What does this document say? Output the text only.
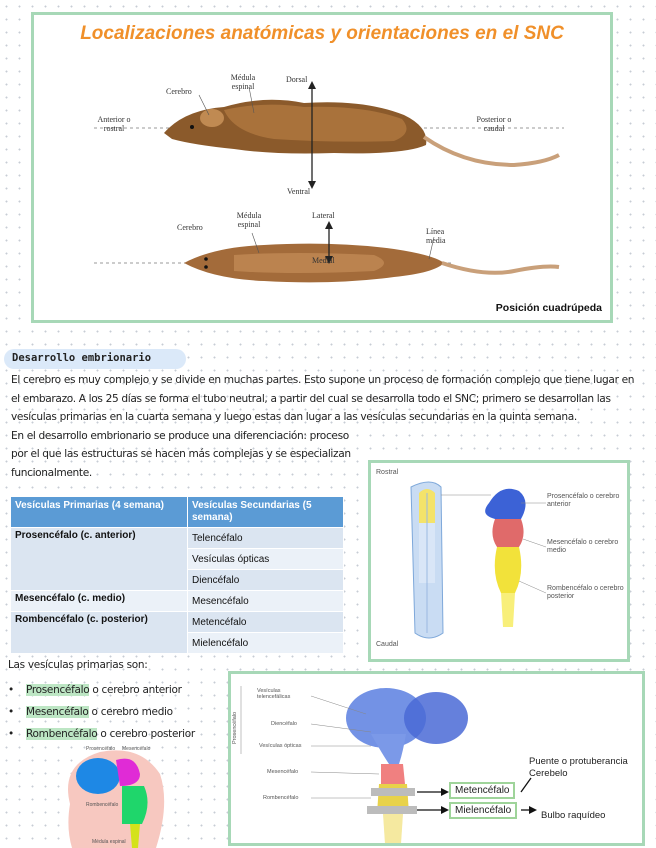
Localizaciones anatómicas y orientaciones en el SNC
Cerebro
Médula espinal
Dorsal
Anterior o rostral
Posterior o caudal
Ventral
Cerebro
Médula espinal
Lateral
Línea media
Medial
Posición cuadrúpeda
Desarrollo embrionario

El cerebro es muy complejo y se divide en muchas partes. Esto supone un proceso de formación complejo que tiene lugar en el embarazo. A los 25 días se forma el tubo neutral, a partir del cual se desarrolla todo el SNC; primero se desarrollan las vesículas primarias en la cuarta semana y luego estas dan lugar a las vesículas secundarias en la quinta semana.

En el desarrollo embrionario se produce una diferenciación: proceso por el que las estructuras se hacen más complejas y se especializan funcionalmente.

Vesículas Primarias (4 semana)	Vesículas Secundarias (5 semana)
Prosencéfalo (c. anterior)	Telencéfalo
	Vesículas ópticas
	Diencéfalo
Mesencéfalo (c. medio)	Mesencéfalo
Rombencéfalo (c. posterior)	Metencéfalo
	Mielencéfalo
Rostral
Caudal
Prosencéfalo o cerebro anterior
Mesencéfalo o cerebro medio
Rombencéfalo o cerebro posterior
Las vesículas primarias son:
• Prosencéfalo o cerebro anterior
• Mesencéfalo o cerebro medio
• Rombencéfalo o cerebro posterior
Prosencéfalo Mesencéfalo
Rombencéfalo
Médula espinal
Prosencéfalo
Vesículas telencefálicas
Diencéfalo
Vesículas ópticas
Mesencéfalo
Rombencéfalo
Metencéfalo
Mielencéfalo
Puente o protuberancia
Cerebelo
Bulbo raquídeo
